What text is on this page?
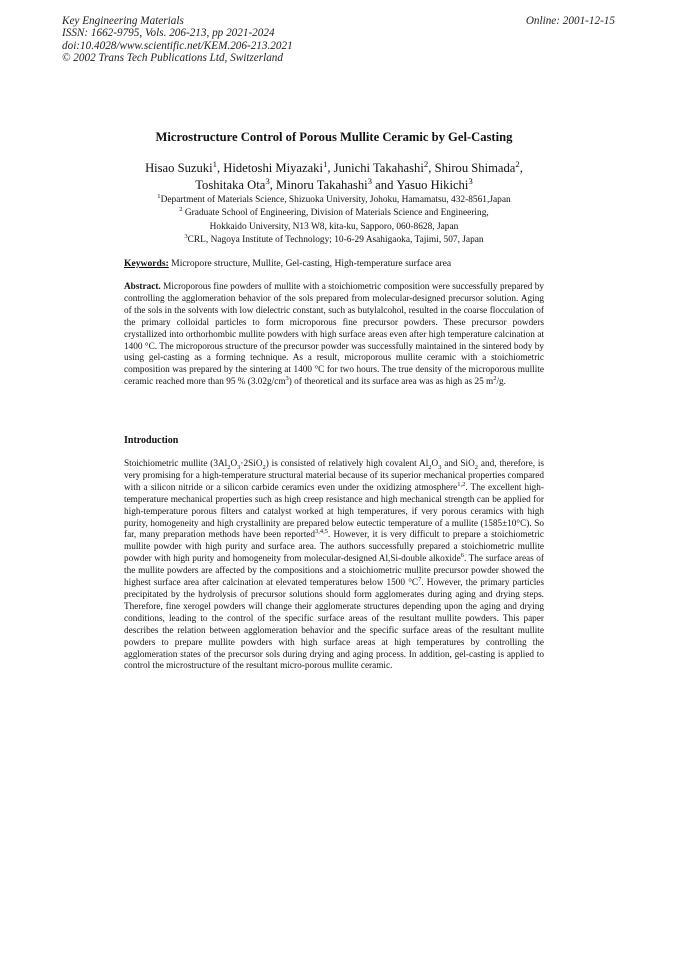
Key Engineering Materials
ISSN: 1662-9795, Vols. 206-213, pp 2021-2024
doi:10.4028/www.scientific.net/KEM.206-213.2021
© 2002 Trans Tech Publications Ltd, Switzerland
Online: 2001-12-15
Microstructure Control of Porous Mullite Ceramic by Gel-Casting
Hisao Suzuki$^1$, Hidetoshi Miyazaki$^1$, Junichi Takahashi$^2$, Shirou Shimada$^2$,
Toshitaka Ota$^3$, Minoru Takahashi$^3$ and Yasuo Hikichi$^3$
$^1$Department of Materials Science, Shizuoka University, Johoku, Hamamatsu, 432-8561,Japan
$^2$ Graduate School of Engineering, Division of Materials Science and Engineering,
Hokkaido University, N13 W8, kita-ku, Sapporo, 060-8628, Japan
$^3$CRL, Nagoya Institute of Technology; 10-6-29 Asahigaoka, Tajimi, 507, Japan
Keywords: Micropore structure, Mullite, Gel-casting, High-temperature surface area

Abstract. Microporous fine powders of mullite with a stoichiometric composition were successfully prepared by controlling the agglomeration behavior of the sols prepared from molecular-designed precursor solution. Aging of the sols in the solvents with low dielectric constant, such as butylalcohol, resulted in the coarse flocculation of the primary colloidal particles to form microporous fine precursor powders. These precursor powders crystallized into orthorhombic mullite powders with high surface areas even after high temperature calcination at 1400 °C. The microporous structure of the precursor powder was successfully maintained in the sintered body by using gel-casting as a forming technique. As a result, microporous mullite ceramic with a stoichiometric composition was prepared by the sintering at 1400 °C for two hours. The true density of the microporous mullite ceramic reached more than 95 % $(3.02g/cm^3)$ of theoretical and its surface area was as high as 25 $m^2/g$.

Introduction

Stoichiometric mullite $(3Al_2O_3\cdot 2SiO_2)$ is consisted of relatively high covalent $Al_2O_3$ and SiO$_2$ and, therefore, is very promising for a high-temperature structural material because of its superior mechanical properties compared with a silicon nitride or a silicon carbide ceramics even under the oxidizing atmosphere$^{1,2}$. The excellent high-temperature mechanical properties such as high creep resistance and high mechanical strength can be applied for high-temperature porous filters and catalyst worked at high temperatures, if very porous ceramics with high purity, homogeneity and high crystallinity are prepared below eutectic temperature of a mullite (1585±10°C). So far, many preparation methods have been reported$^{3,4,5}$. However, it is very difficult to prepare a stoichiometric mullite powder with high purity and surface area. The authors successfully prepared a stoichiometric mullite powder with high purity and homogeneity from molecular-designed Al,Si-double alkoxide$^6$. The surface areas of the mullite powders are affected by the compositions and a stoichiometric mullite precursor powder showed the highest surface area after calcination at elevated temperatures below 1500 $^\circ C^7$. However, the primary particles precipitated by the hydrolysis of precursor solutions should form agglomerates during aging and drying steps. Therefore, fine xerogel powders will change their agglomerate structures depending upon the aging and drying conditions, leading to the control of the specific surface areas of the resultant mullite powders. This paper describes the relation between agglomeration behavior and the specific surface areas of the resultant mullite powders to prepare mullite powders with high surface areas at high temperatures by controlling the agglomeration states of the precursor sols during drying and aging process. In addition, gel-casting is applied to control the microstructure of the resultant micro-porous mullite ceramic.
